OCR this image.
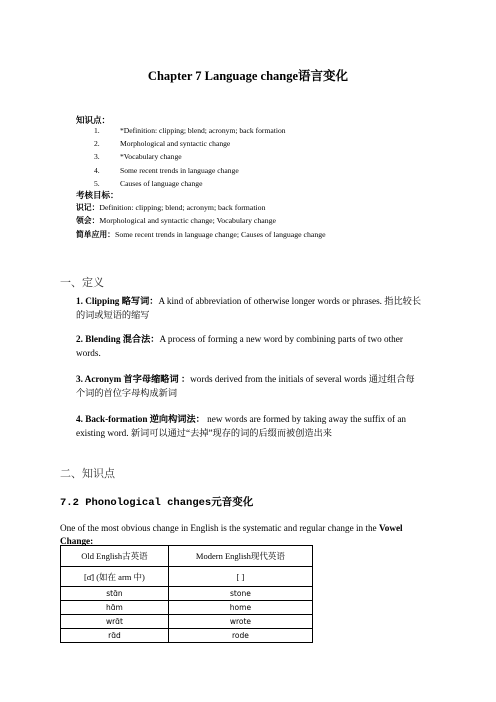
Chapter 7 Language change语言变化
知识点：
1.	*Definition: clipping; blend; acronym; back formation
2.	Morphological and syntactic change
3.	*Vocabulary change
4.	Some recent trends in language change
5.	Causes of language change
考核目标：
识记：Definition: clipping; blend; acronym; back formation
领会：Morphological and syntactic change; Vocabulary change
简单应用：Some recent trends in language change; Causes of language change
一、定义
1. Clipping 略写词：A kind of abbreviation of otherwise longer words or phrases. 指比较长的词或短语的缩写
2. Blending 混合法：A process of forming a new word by combining parts of two other words.
3. Acronym 首字母缩略词 ：words derived from the initials of several words 通过组合每个词的首位字母构成新词
4. Back-formation 逆向构词法： new words are formed by taking away the suffix of an existing word. 新词可以通过“去掉”现存的词的后缀而被创造出来
二、知识点
7.2 Phonological changes元音变化
One of the most obvious change in English is the systematic and regular change in the Vowel Change:
Old English古英语	Modern English现代英语
[ɑ̄] (如在 arm 中)	[ ]
stɑ̄n	stone
hɑ̄m	home
wrɑ̄t	wrote
rɑ̄d	rode
